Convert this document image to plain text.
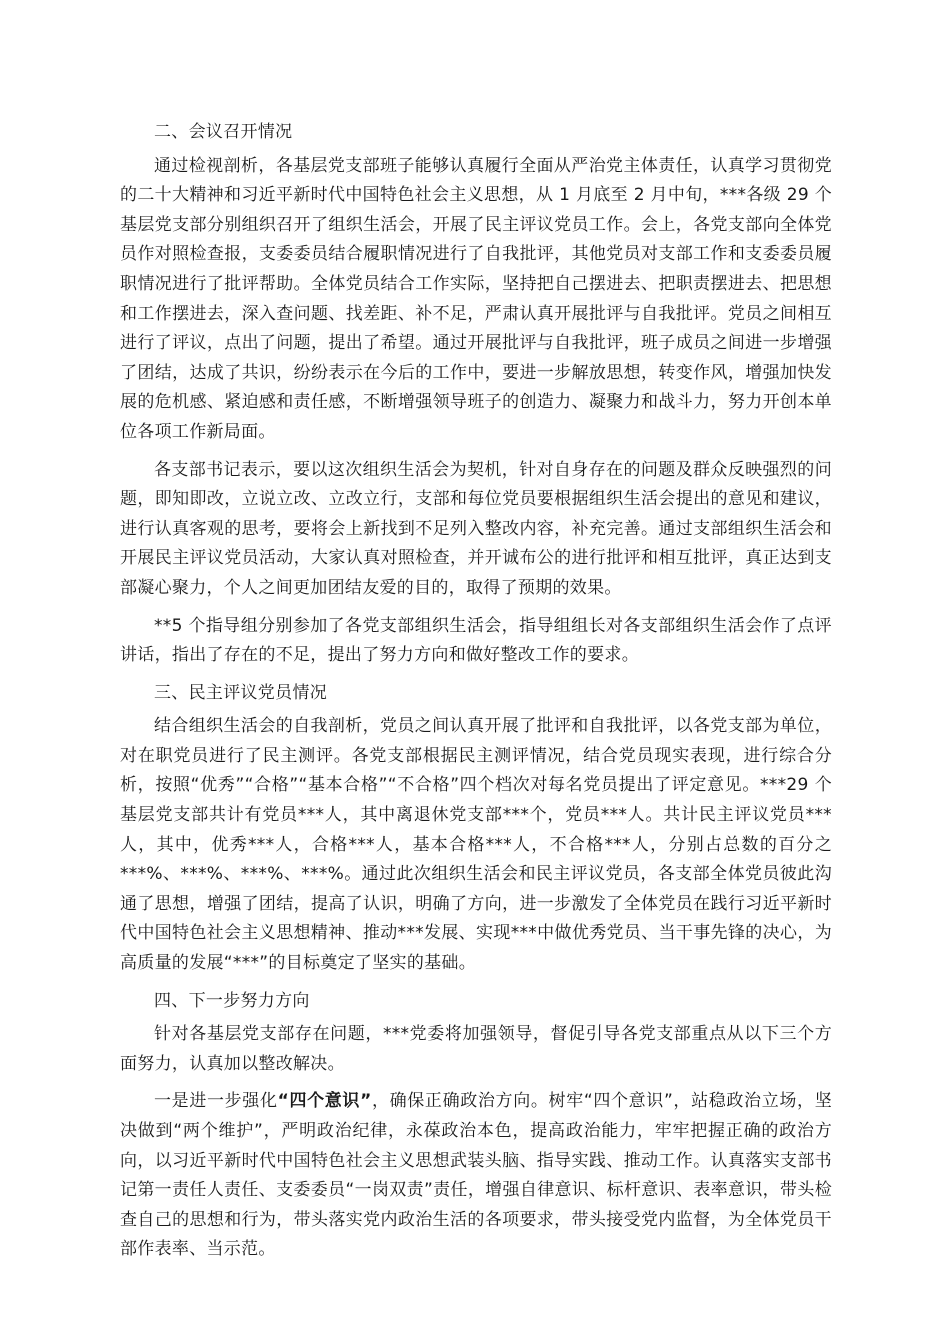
二、会议召开情况

通过检视剖析，各基层党支部班子能够认真履行全面从严治党主体责任，认真学习贯彻党的二十大精神和习近平新时代中国特色社会主义思想，从 1 月底至 2 月中旬，***各级 29 个基层党支部分别组织召开了组织生活会，开展了民主评议党员工作。会上，各党支部向全体党员作对照检查报，支委委员结合履职情况进行了自我批评，其他党员对支部工作和支委委员履职情况进行了批评帮助。全体党员结合工作实际，坚持把自己摆进去、把职责摆进去、把思想和工作摆进去，深入查问题、找差距、补不足，严肃认真开展批评与自我批评。党员之间相互进行了评议，点出了问题，提出了希望。通过开展批评与自我批评，班子成员之间进一步增强了团结，达成了共识，纷纷表示在今后的工作中，要进一步解放思想，转变作风，增强加快发展的危机感、紧迫感和责任感，不断增强领导班子的创造力、凝聚力和战斗力，努力开创本单位各项工作新局面。

各支部书记表示，要以这次组织生活会为契机，针对自身存在的问题及群众反映强烈的问题，即知即改，立说立改、立改立行，支部和每位党员要根据组织生活会提出的意见和建议，进行认真客观的思考，要将会上新找到不足列入整改内容，补充完善。通过支部组织生活会和开展民主评议党员活动，大家认真对照检查，并开诚布公的进行批评和相互批评，真正达到支部凝心聚力，个人之间更加团结友爱的目的，取得了预期的效果。

**5 个指导组分别参加了各党支部组织生活会，指导组组长对各支部组织生活会作了点评讲话，指出了存在的不足，提出了努力方向和做好整改工作的要求。

三、民主评议党员情况

结合组织生活会的自我剖析，党员之间认真开展了批评和自我批评，以各党支部为单位，对在职党员进行了民主测评。各党支部根据民主测评情况，结合党员现实表现，进行综合分析，按照“优秀”“合格”“基本合格”“不合格”四个档次对每名党员提出了评定意见。***29 个基层党支部共计有党员***人，其中离退休党支部***个，党员***人。共计民主评议党员***人，其中，优秀***人，合格***人，基本合格***人，不合格***人，分别占总数的百分之***%、***%、***%、***%。通过此次组织生活会和民主评议党员，各支部全体党员彼此沟通了思想，增强了团结，提高了认识，明确了方向，进一步激发了全体党员在践行习近平新时代中国特色社会主义思想精神、推动***发展、实现***中做优秀党员、当干事先锋的决心，为高质量的发展“***”的目标奠定了坚实的基础。

四、下一步努力方向

针对各基层党支部存在问题，***党委将加强领导，督促引导各党支部重点从以下三个方面努力，认真加以整改解决。

一是进一步强化“四个意识”，确保正确政治方向。树牢“四个意识”，站稳政治立场，坚决做到“两个维护”，严明政治纪律，永葆政治本色，提高政治能力，牢牢把握正确的政治方向，以习近平新时代中国特色社会主义思想武装头脑、指导实践、推动工作。认真落实支部书记第一责任人责任、支委委员“一岗双责”责任，增强自律意识、标杆意识、表率意识，带头检查自己的思想和行为，带头落实党内政治生活的各项要求，带头接受党内监督，为全体党员干部作表率、当示范。
